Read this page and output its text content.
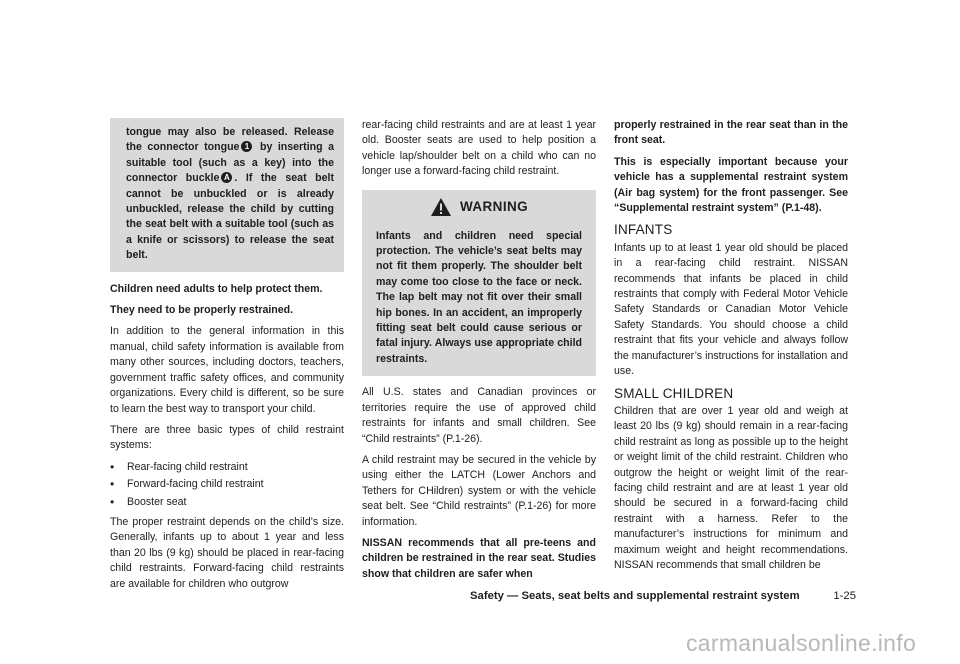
tongue may also be released. Release the connector tongue 1 by inserting a suitable tool (such as a key) into the connector buckle A . If the seat belt cannot be unbuckled or is already unbuckled, release the child by cutting the seat belt with a suitable tool (such as a knife or scissors) to release the seat belt.

Children need adults to help protect them.

They need to be properly restrained.

In addition to the general information in this manual, child safety information is available from many other sources, including doctors, teachers, government traffic safety offices, and community organizations. Every child is different, so be sure to learn the best way to transport your child.

There are three basic types of child restraint systems:

• Rear-facing child restraint
• Forward-facing child restraint
• Booster seat

The proper restraint depends on the child’s size. Generally, infants up to about 1 year and less than 20 lbs (9 kg) should be placed in rear-facing child restraints. Forward-facing child restraints are available for children who outgrow

rear-facing child restraints and are at least 1 year old. Booster seats are used to help position a vehicle lap/shoulder belt on a child who can no longer use a forward-facing child restraint.

WARNING

Infants and children need special protection. The vehicle’s seat belts may not fit them properly. The shoulder belt may come too close to the face or neck. The lap belt may not fit over their small hip bones. In an accident, an improperly fitting seat belt could cause serious or fatal injury. Always use appropriate child restraints.

All U.S. states and Canadian provinces or territories require the use of approved child restraints for infants and small children. See “Child restraints” (P.1-26).

A child restraint may be secured in the vehicle by using either the LATCH (Lower Anchors and Tethers for CHildren) system or with the vehicle seat belt. See “Child restraints” (P.1-26) for more information.

NISSAN recommends that all pre-teens and children be restrained in the rear seat. Studies show that children are safer when

properly restrained in the rear seat than in the front seat.

This is especially important because your vehicle has a supplemental restraint system (Air bag system) for the front passenger. See “Supplemental restraint system” (P.1-48).

INFANTS

Infants up to at least 1 year old should be placed in a rear-facing child restraint. NISSAN recommends that infants be placed in child restraints that comply with Federal Motor Vehicle Safety Standards or Canadian Motor Vehicle Safety Standards. You should choose a child restraint that fits your vehicle and always follow the manufacturer’s instructions for installation and use.

SMALL CHILDREN

Children that are over 1 year old and weigh at least 20 lbs (9 kg) should remain in a rear-facing child restraint as long as possible up to the height or weight limit of the child restraint. Children who outgrow the height or weight limit of the rear-facing child restraint and are at least 1 year old should be secured in a forward-facing child restraint with a harness. Refer to the manufacturer’s instructions for minimum and maximum weight and height recommendations. NISSAN recommends that small children be

Safety — Seats, seat belts and supplemental restraint system	1-25
carmanualsonline.info
